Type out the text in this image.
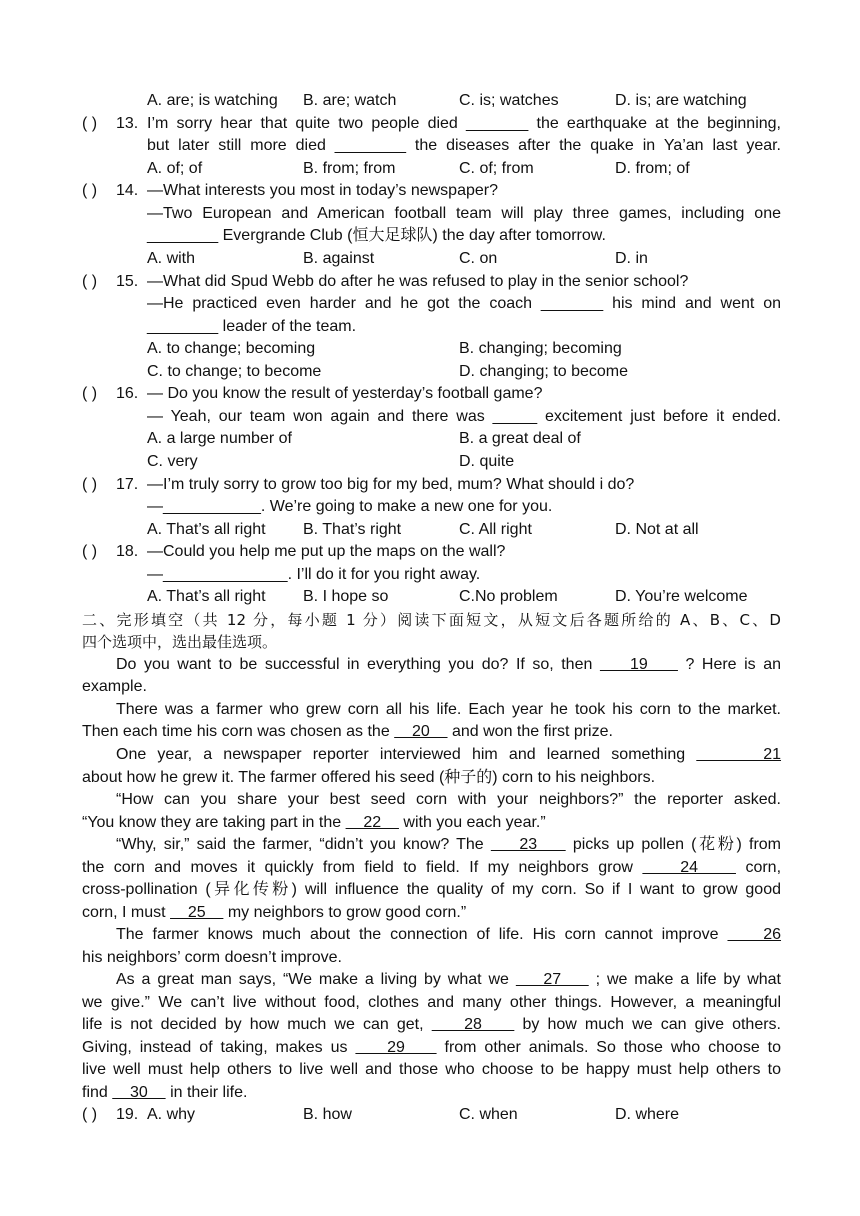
A. are; is watching B. are; watch	C. is; watches	D. is; are watching
( ) 13. I’m sorry hear that quite two people died _______ the earthquake at the beginning,
but later still more died ________ the diseases after the quake in Ya’an last year.
A. of; of	B. from; from	C. of; from	D. from; of
( ) 14. —What interests you most in today’s newspaper?
—Two European and American football team will play three games, including one
________ Evergrande Club (恒大足球队) the day after tomorrow.
A. with	B. against	C. on	D. in
( ) 15. —What did Spud Webb do after he was refused to play in the senior school?
—He practiced even harder and he got the coach _______ his mind and went on
________ leader of the team.
A. to change; becoming	B. changing; becoming
C. to change; to become	D. changing; to become
( ) 16. — Do you know the result of yesterday’s football game?
— Yeah, our team won again and there was _____ excitement just before it ended.
A. a large number of	B. a great deal of
C. very	D. quite
( ) 17. —I’m truly sorry to grow too big for my bed, mum? What should i do?
—___________. We’re going to make a new one for you.
A. That’s all right B. That’s right	C. All right	D. Not at all
( ) 18. —Could you help me put up the maps on the wall?
—______________. I’ll do it for you right away.
A. That’s all right B. I hope so	C.No problem	D. You’re welcome
二、完形填空（共 12 分，每小题 1 分）阅读下面短文，从短文后各题所给的 A、B、C、D
四个选项中，选出最佳选项。
Do you want to be successful in everything you do? If so, then     19     ? Here is an
example.
There was a farmer who grew corn all his life. Each year he took his corn to the market.
Then each time his corn was chosen as the     20     and won the first prize.
One year, a newspaper reporter interviewed him and learned something       21
about how he grew it. The farmer offered his seed (种子的) corn to his neighbors.
“How can you share your best seed corn with your neighbors?” the reporter asked.
“You know they are taking part in the     22     with you each year.”
“Why, sir,” said the farmer, “didn’t you know? The     23     picks up pollen (花粉) from
the corn and moves it quickly from field to field. If my neighbors grow     24     corn,
cross-pollination (异化传粉) will influence the quality of my corn. So if I want to grow good
corn, I must     25     my neighbors to grow good corn.”
The farmer knows much about the connection of life. His corn cannot improve     26
his neighbors’ corm doesn’t improve.
As a great man says, “We make a living by what we     27     ; we make a life by what
we give.” We can’t live without food, clothes and many other things. However, a meaningful
life is not decided by how much we can get,     28     by how much we can give others.
Giving, instead of taking, makes us     29     from other animals. So those who choose to
live well must help others to live well and those who choose to be happy must help others to
find     30     in their life.
( ) 19. A. why	B. how	C. when	D. where
